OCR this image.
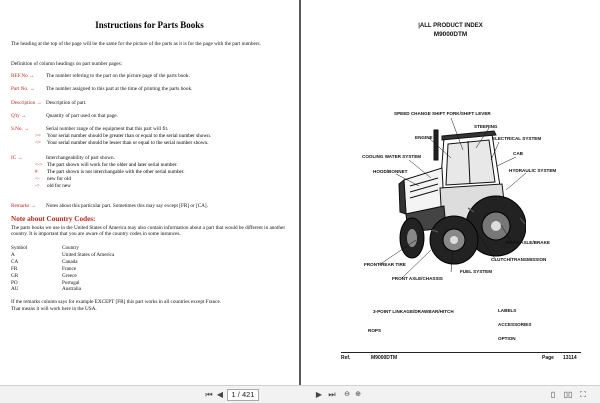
Instructions for Parts Books
The heading at the top of the page will be the same for the picture of the parts as it is for the page with the part numbers.
Definition of column headings on part number pages:
REF.No → The number refering to the part on the picture page of the parts book.
Part No. → The number assigned to this part at the time of printing the parts book.
Description → Description of part.
Q'ty →	Quantity of part used on that page.
S.No. →	Serial number range of the equipment that this part will fit.
>= Your serial number should be greater than or equal to the serial number shown.
<= Your serial number should be lesser than or equal to the serial number shown.
IC →	Interchangeability of part shown.
<-> The part shown will work for the older and later serial number.
# The part shown is not interchangable with the other serial number.
<- new for old
-> old for new
Remarks → Notes about this particular part. Sometimes this may say except [FR] or [CA].
Note about Country Codes:
The parts books we use in the United States of America may also contain information about a part that would be different in another country. It is important that you are aware of the country codes in some instances.
Symbol	Country
A	United States of America
CA	Canada
FR	France
GR	Greece
PO	Portugal
AU	Australia
If the remarks column says for example EXCEPT [FR] this part works in all countries except France.
That means it will work here in the USA.
|ALL PRODUCT INDEX
M9000DTM
SPEED CHANGE SHIFT FORK/SHIFT LEVER
STEERING
ENGINE	ELECTRICAL SYSTEM
COOLING WATER SYSTEM
CAB
HOOD/BONNET	HYDRAULIC SYSTEM
REAR AXLE/BRAKE
CLUTCH/TRANSMISSION
FRONT/REAR TIRE
FUEL SYSTEM
FRONT AXLE/CHASSIS
3-POINT LINKAGE/DRAWBAR/HITCH	LABELS
ACCESSORIES
ROPS
OPTION
Ref.	M9000DTM	Page 13114
⏮ ◀	1 / 421	▶ ⏭ ⊖ ⊕	▯	▯▯ ⛶
